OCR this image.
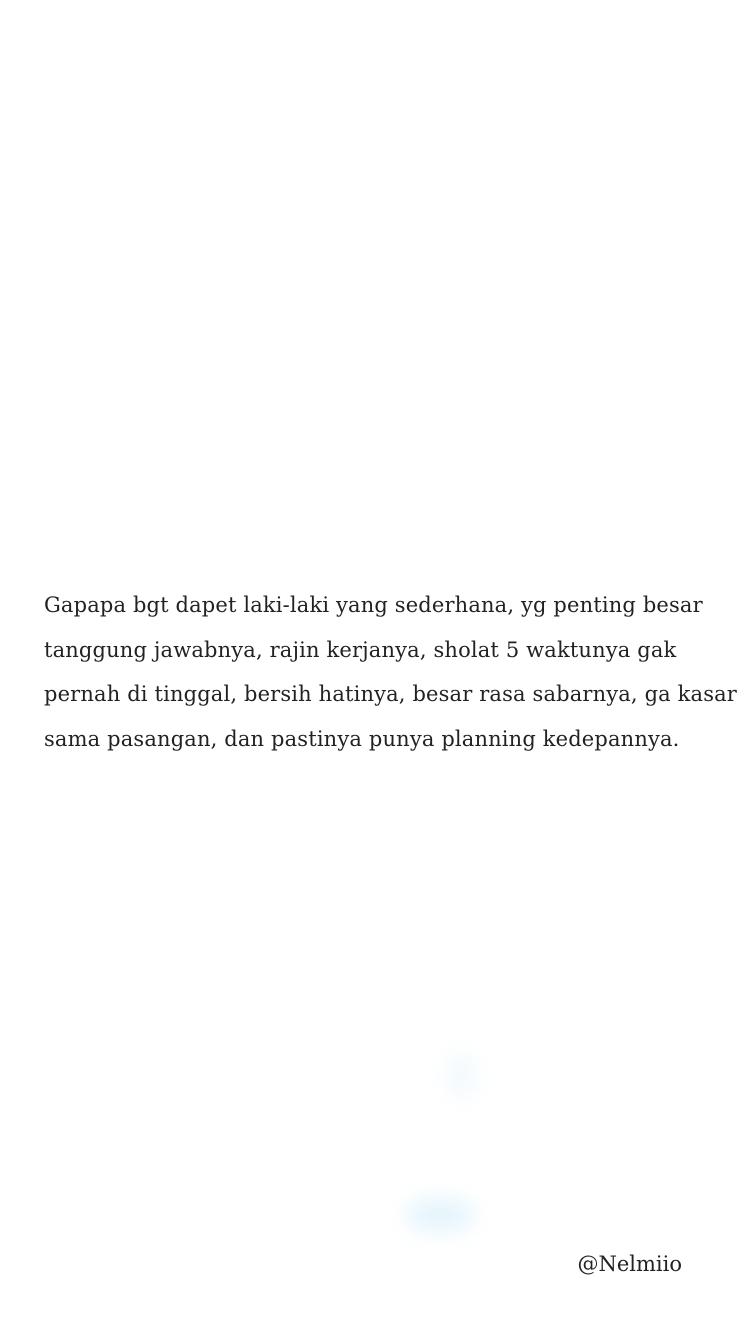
Gapapa bgt dapet laki-laki yang sederhana, yg penting besar
tanggung jawabnya, rajin kerjanya, sholat 5 waktunya gak
pernah di tinggal, bersih hatinya, besar rasa sabarnya, ga kasar
sama pasangan, dan pastinya punya planning kedepannya.

@Nelmiio
